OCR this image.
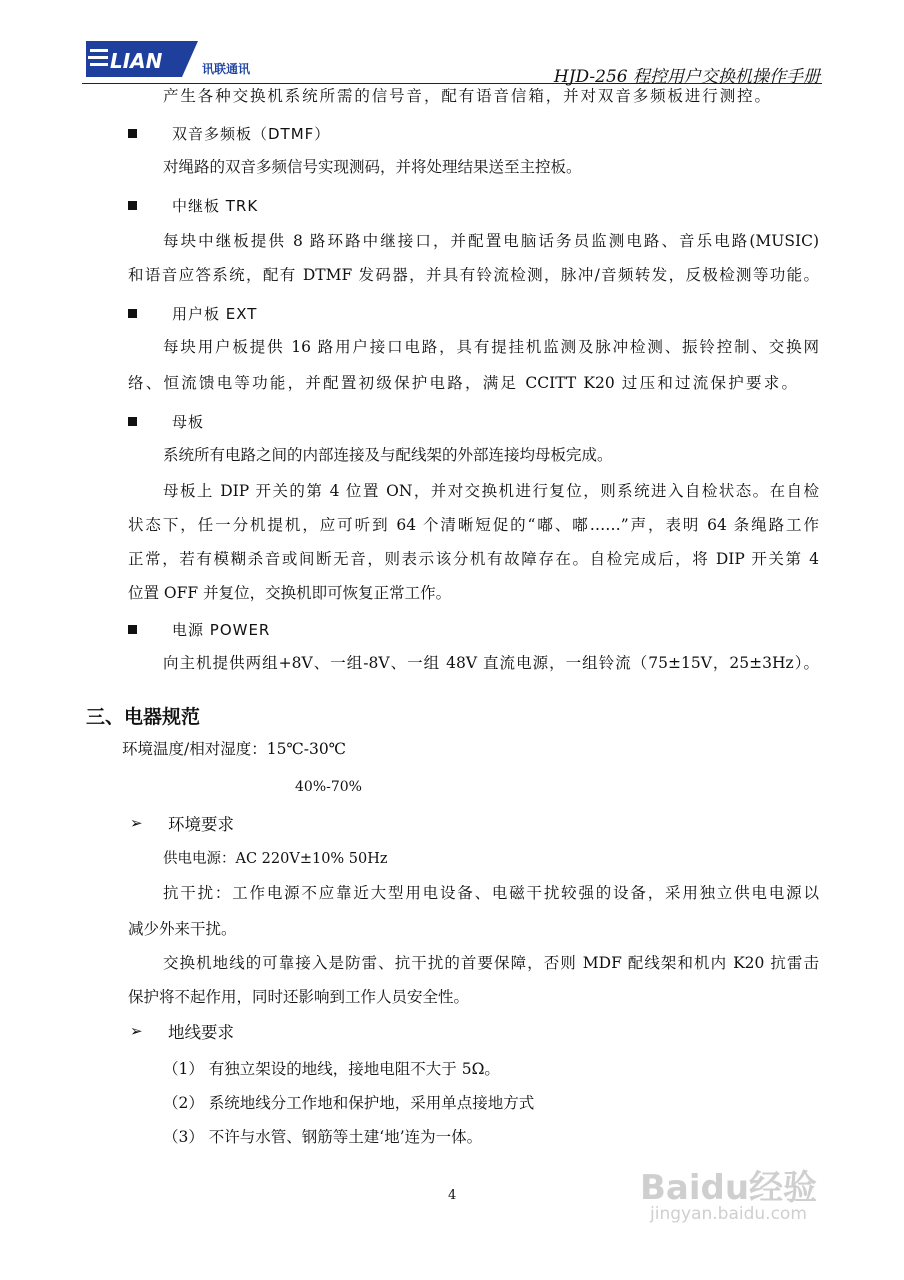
LIAN	讯联通讯	HJD-256 程控用户交换机操作手册
产生各种交换机系统所需的信号音，配有语音信箱，并对双音多频板进行测控。
双音多频板（DTMF）
对绳路的双音多频信号实现测码，并将处理结果送至主控板。
中继板 TRK
每块中继板提供 8 路环路中继接口，并配置电脑话务员监测电路、音乐电路(MUSIC)
和语音应答系统，配有 DTMF 发码器，并具有铃流检测，脉冲/音频转发，反极检测等功能。
用户板 EXT
每块用户板提供 16 路用户接口电路，具有提挂机监测及脉冲检测、振铃控制、交换网
络、恒流馈电等功能，并配置初级保护电路，满足 CCITT K20 过压和过流保护要求。
母板
系统所有电路之间的内部连接及与配线架的外部连接均母板完成。
母板上 DIP 开关的第 4 位置 ON，并对交换机进行复位，则系统进入自检状态。在自检
状态下，任一分机提机，应可听到 64 个清晰短促的“嘟、嘟……”声，表明 64 条绳路工作
正常，若有模糊杀音或间断无音，则表示该分机有故障存在。自检完成后，将 DIP 开关第 4
位置 OFF 并复位，交换机即可恢复正常工作。
电源 POWER
向主机提供两组+8V、一组-8V、一组 48V 直流电源，一组铃流（75±15V，25±3Hz）。
三、电器规范
环境温度/相对湿度：15℃-30℃
40%-70%
➢ 环境要求
供电电源：AC 220V±10% 50Hz
抗干扰：工作电源不应靠近大型用电设备、电磁干扰较强的设备，采用独立供电电源以
减少外来干扰。
交换机地线的可靠接入是防雷、抗干扰的首要保障，否则 MDF 配线架和机内 K20 抗雷击
保护将不起作用，同时还影响到工作人员安全性。
➢ 地线要求
（1） 有独立架设的地线，接地电阻不大于 5Ω。
（2） 系统地线分工作地和保护地，采用单点接地方式
（3） 不许与水管、钢筋等土建‘地’连为一体。
4	Baidu经验
jingyan.baidu.com
